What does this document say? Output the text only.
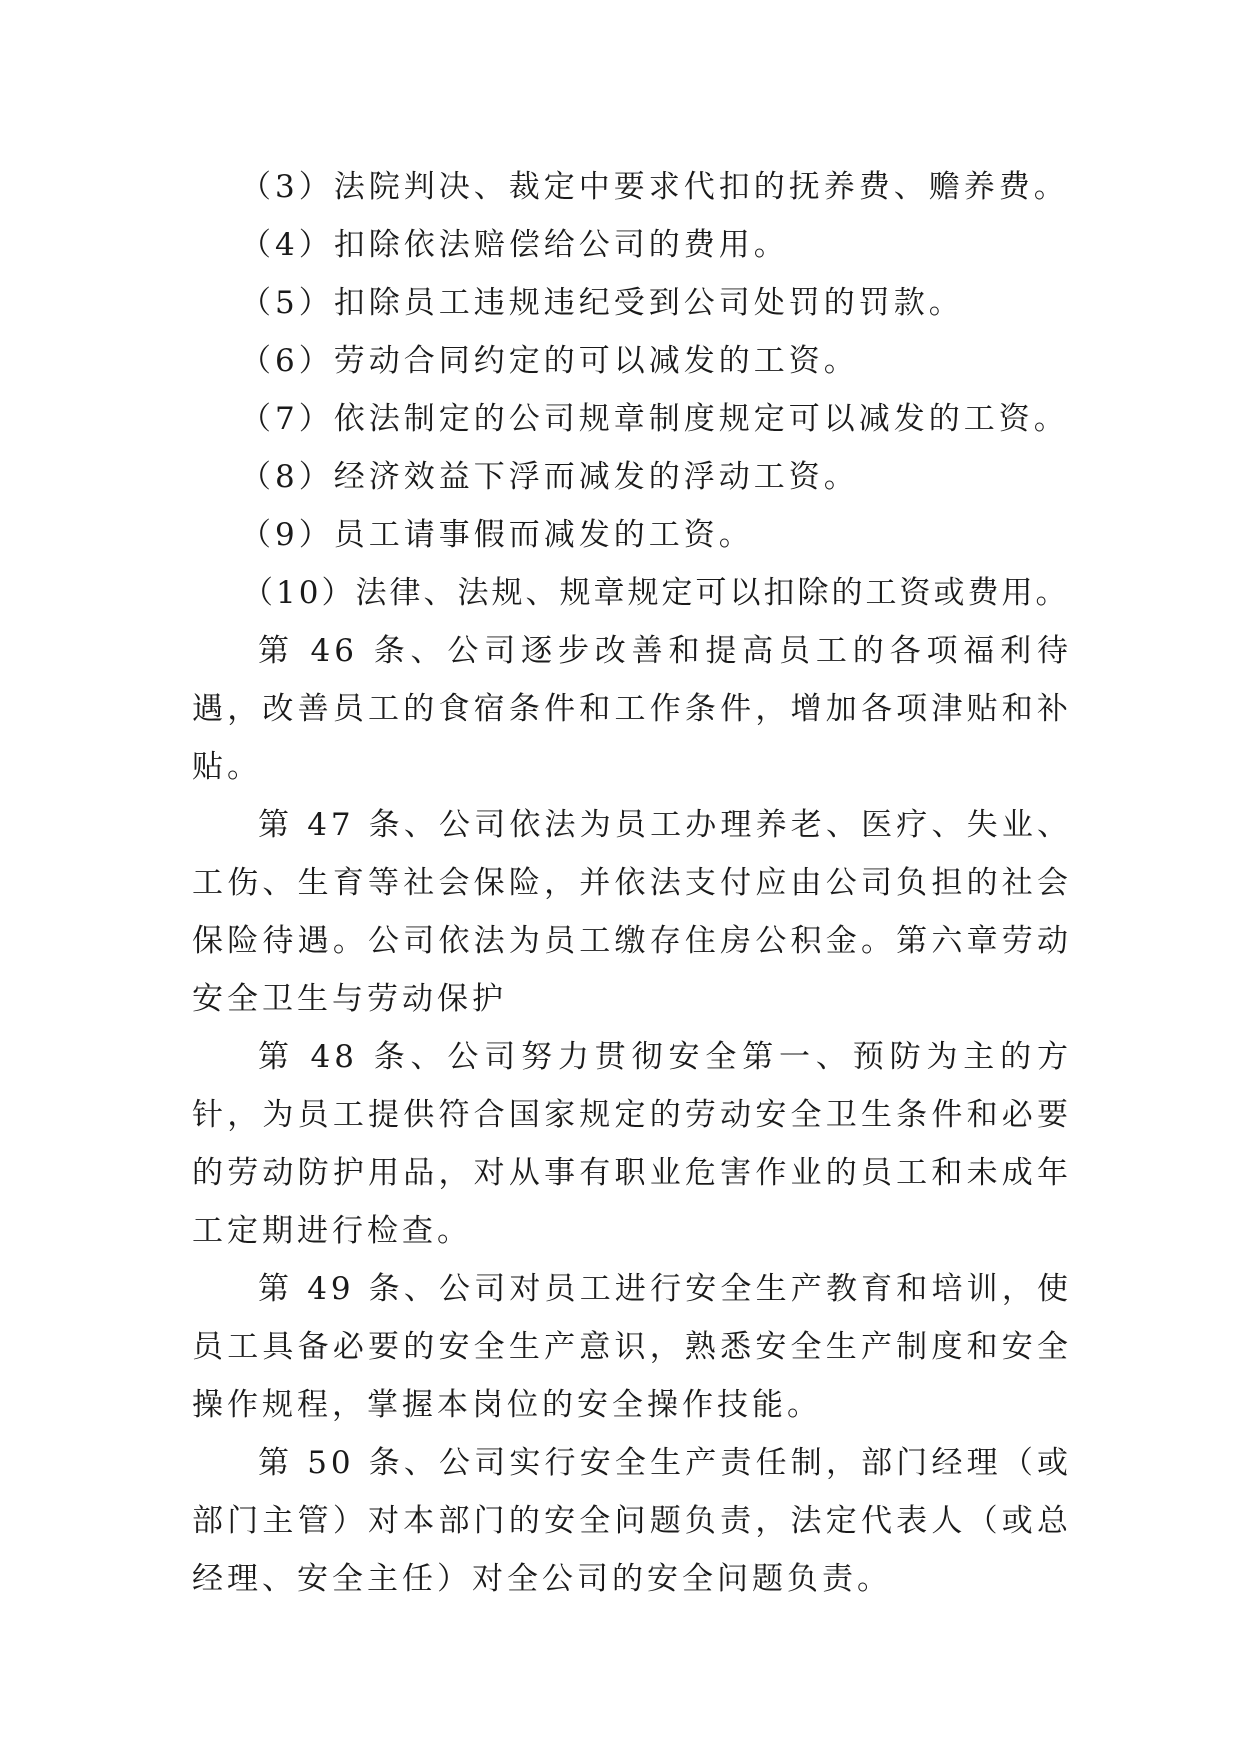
（3）法院判决、裁定中要求代扣的抚养费、赡养费。

（4）扣除依法赔偿给公司的费用。

（5）扣除员工违规违纪受到公司处罚的罚款。

（6）劳动合同约定的可以减发的工资。

（7）依法制定的公司规章制度规定可以减发的工资。

（8）经济效益下浮而减发的浮动工资。

（9）员工请事假而减发的工资。

（10）法律、法规、规章规定可以扣除的工资或费用。

第 46 条、公司逐步改善和提高员工的各项福利待遇，改善员工的食宿条件和工作条件，增加各项津贴和补贴。

第 47 条、公司依法为员工办理养老、医疗、失业、工伤、生育等社会保险，并依法支付应由公司负担的社会保险待遇。公司依法为员工缴存住房公积金。第六章劳动安全卫生与劳动保护

第 48 条、公司努力贯彻安全第一、预防为主的方针，为员工提供符合国家规定的劳动安全卫生条件和必要的劳动防护用品，对从事有职业危害作业的员工和未成年工定期进行检查。

第 49 条、公司对员工进行安全生产教育和培训，使员工具备必要的安全生产意识，熟悉安全生产制度和安全操作规程，掌握本岗位的安全操作技能。

第 50 条、公司实行安全生产责任制，部门经理（或部门主管）对本部门的安全问题负责，法定代表人（或总经理、安全主任）对全公司的安全问题负责。
